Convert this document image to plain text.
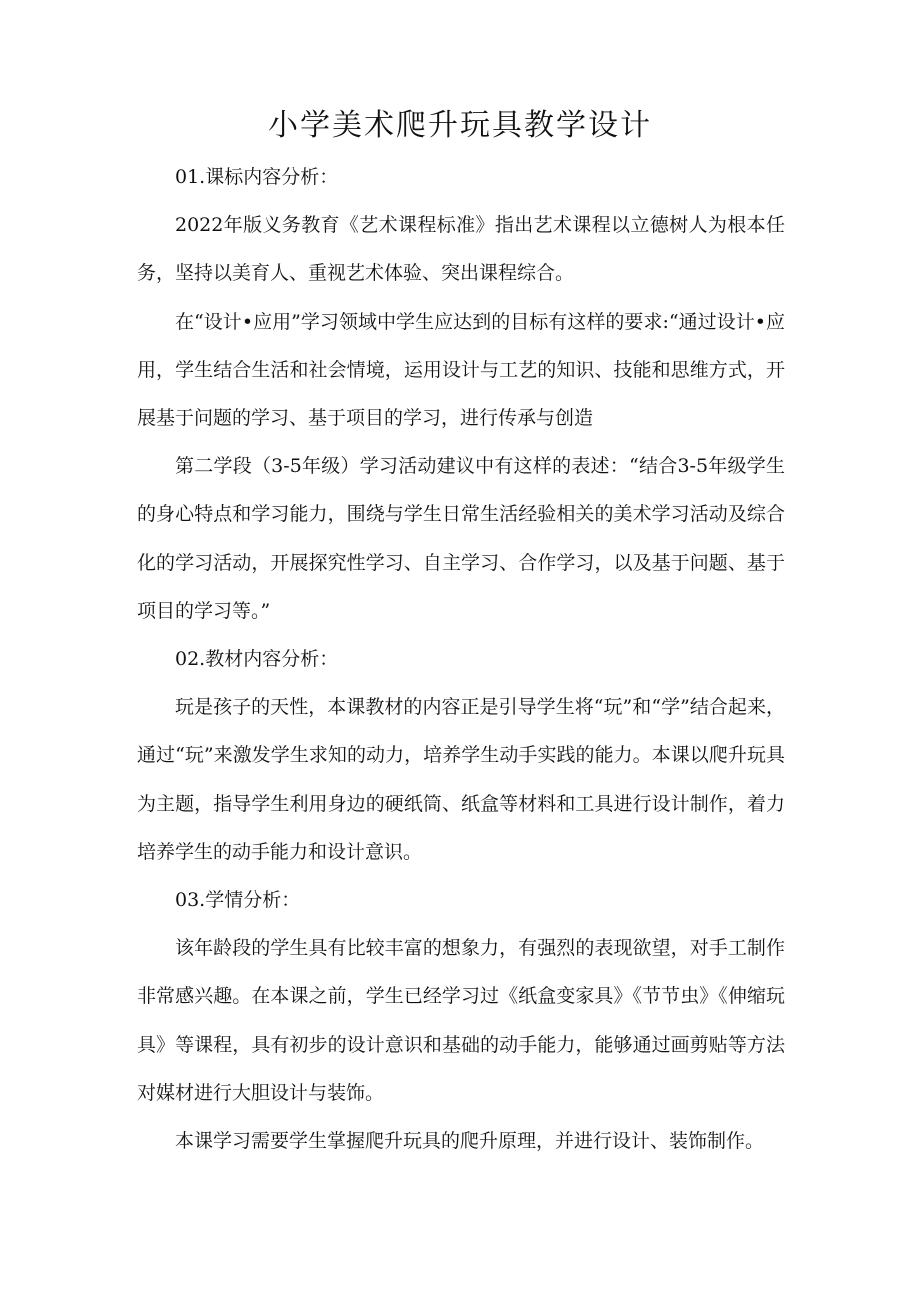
小学美术爬升玩具教学设计

01.课标内容分析：

2022年版义务教育《艺术课程标准》指出艺术课程以立德树人为根本任务，坚持以美育人、重视艺术体验、突出课程综合。

在“设计•应用”学习领域中学生应达到的目标有这样的要求:“通过设计•应用，学生结合生活和社会情境，运用设计与工艺的知识、技能和思维方式，开展基于问题的学习、基于项目的学习，进行传承与创造

第二学段（3-5年级）学习活动建议中有这样的表述：“结合3-5年级学生的身心特点和学习能力，围绕与学生日常生活经验相关的美术学习活动及综合化的学习活动，开展探究性学习、自主学习、合作学习，以及基于问题、基于项目的学习等。”

02.教材内容分析：

玩是孩子的天性，本课教材的内容正是引导学生将“玩”和“学”结合起来，通过“玩”来激发学生求知的动力，培养学生动手实践的能力。本课以爬升玩具为主题，指导学生利用身边的硬纸筒、纸盒等材料和工具进行设计制作，着力培养学生的动手能力和设计意识。

03.学情分析：

该年龄段的学生具有比较丰富的想象力，有强烈的表现欲望，对手工制作非常感兴趣。在本课之前，学生已经学习过《纸盒变家具》《节节虫》《伸缩玩具》等课程，具有初步的设计意识和基础的动手能力，能够通过画剪贴等方法对媒材进行大胆设计与装饰。

本课学习需要学生掌握爬升玩具的爬升原理，并进行设计、装饰制作。
